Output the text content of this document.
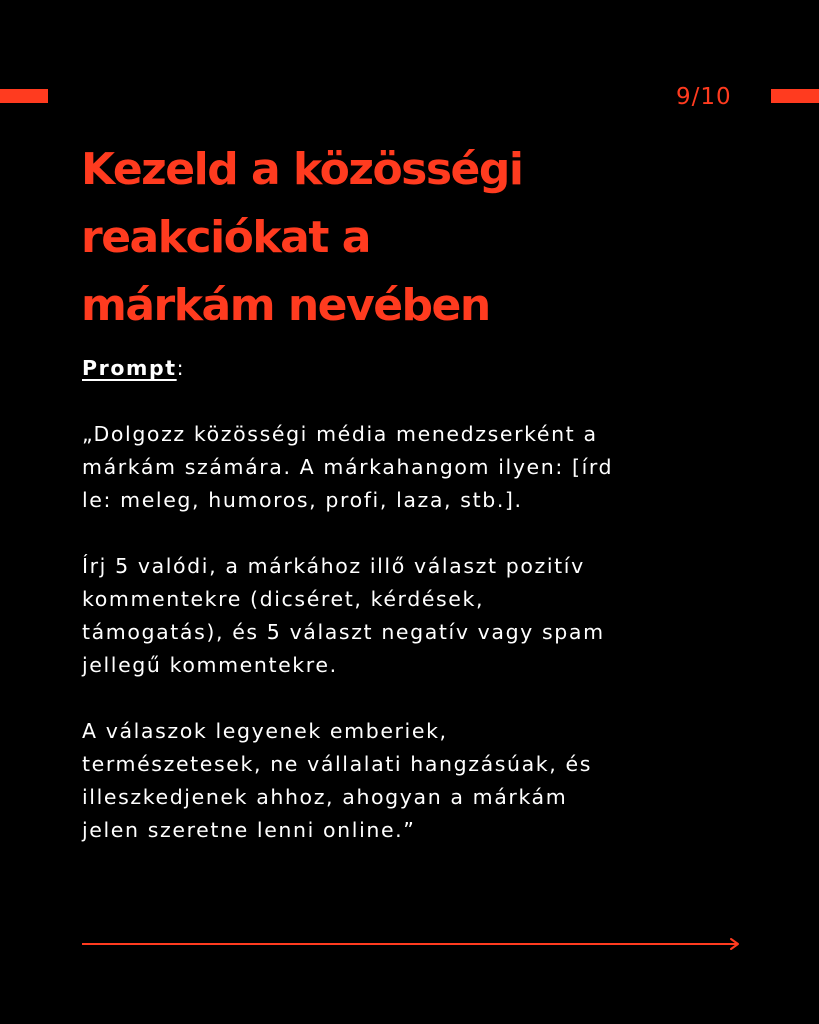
9/10
Kezeld a közösségi
reakciókat a
márkám nevében
Prompt:
„Dolgozz közösségi média menedzserként a
márkám számára. A márkahangom ilyen: [írd
le: meleg, humoros, profi, laza, stb.].
Írj 5 valódi, a márkához illő választ pozitív
kommentekre (dicséret, kérdések,
támogatás), és 5 választ negatív vagy spam
jellegű kommentekre.
A válaszok legyenek emberiek,
természetesek, ne vállalati hangzásúak, és
illeszkedjenek ahhoz, ahogyan a márkám
jelen szeretne lenni online.”
